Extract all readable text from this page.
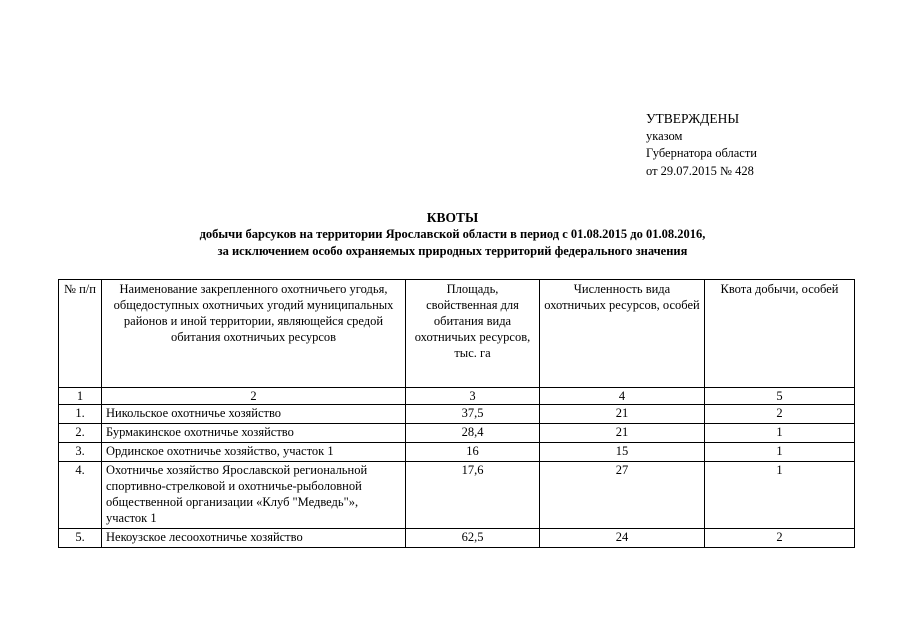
УТВЕРЖДЕНЫ
указом
Губернатора области
от 29.07.2015 № 428
КВОТЫ
добычи барсуков на территории Ярославской области в период с 01.08.2015 до 01.08.2016,
за исключением особо охраняемых природных территорий федерального значения
№ п/п	Наименование закрепленного охотничьего угодья, общедоступных охотничьих угодий муниципальных районов и иной территории, являющейся средой обитания охотничьих ресурсов	Площадь, свойственная для обитания вида охотничьих ресурсов, тыс. га	Численность вида охотничьих ресурсов, особей	Квота добычи, особей
1	2	3	4	5
1.	Никольское охотничье хозяйство	37,5	21	2
2.	Бурмакинское охотничье хозяйство	28,4	21	1
3.	Ординское охотничье хозяйство, участок 1	16	15	1
4.	Охотничье хозяйство Ярославской региональной спортивно-стрелковой и охотничье-рыболовной общественной организации «Клуб "Медведь"», участок 1	17,6	27	1
5.	Некоузское лесоохотничье хозяйство	62,5	24	2
